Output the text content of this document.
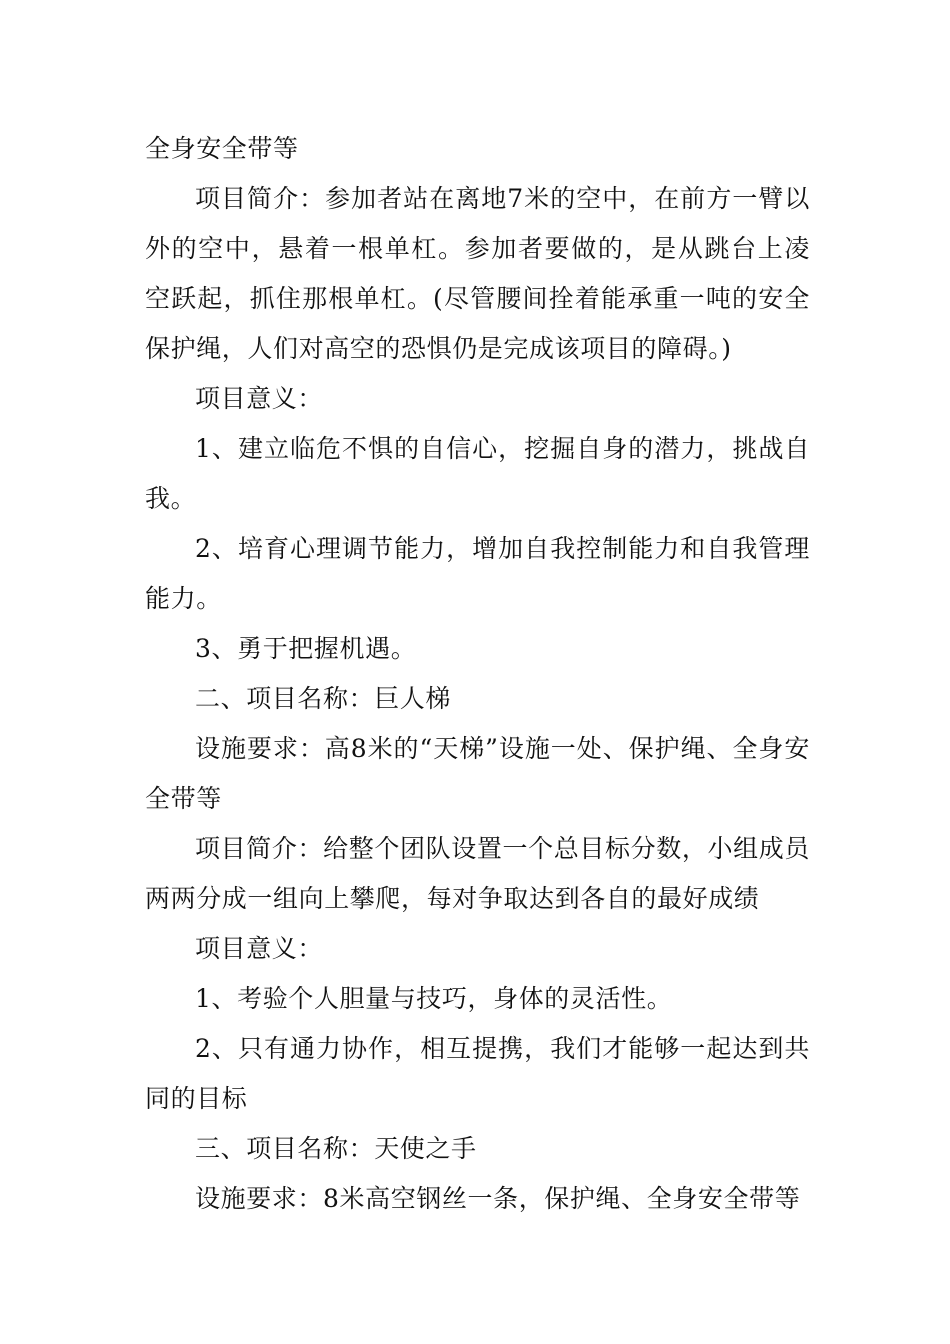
全身安全带等

项目简介：参加者站在离地7米的空中，在前方一臂以外的空中，悬着一根单杠。参加者要做的，是从跳台上凌空跃起，抓住那根单杠。(尽管腰间拴着能承重一吨的安全保护绳，人们对高空的恐惧仍是完成该项目的障碍。)

项目意义：

1、建立临危不惧的自信心，挖掘自身的潜力，挑战自我。

2、培育心理调节能力，增加自我控制能力和自我管理能力。

3、勇于把握机遇。

二、项目名称：巨人梯

设施要求：高8米的“天梯”设施一处、保护绳、全身安全带等

项目简介：给整个团队设置一个总目标分数，小组成员两两分成一组向上攀爬，每对争取达到各自的最好成绩

项目意义：

1、考验个人胆量与技巧，身体的灵活性。

2、只有通力协作，相互提携，我们才能够一起达到共同的目标

三、项目名称：天使之手

设施要求：8米高空钢丝一条，保护绳、全身安全带等
